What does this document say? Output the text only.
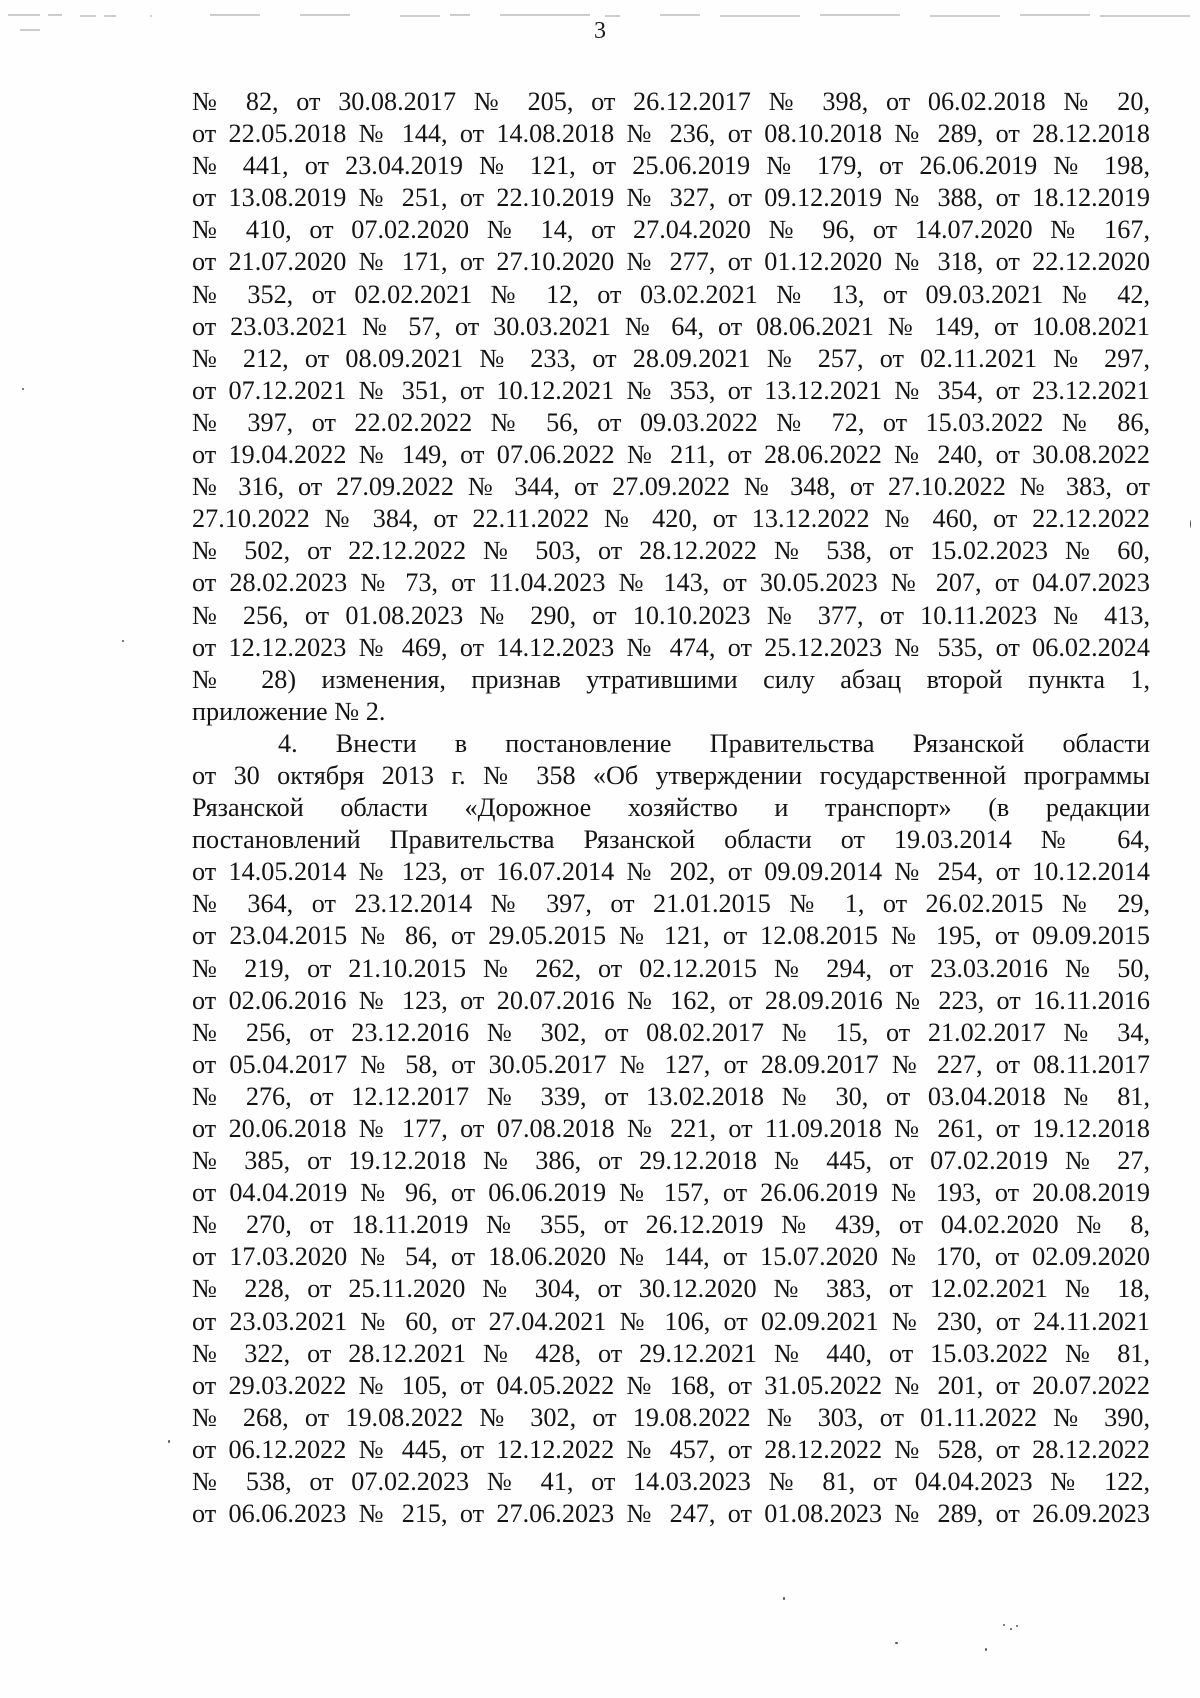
3
№ 82, от 30.08.2017 № 205, от 26.12.2017 № 398, от 06.02.2018 № 20,
от 22.05.2018 № 144, от 14.08.2018 № 236, от 08.10.2018 № 289, от 28.12.2018
№ 441, от 23.04.2019 № 121, от 25.06.2019 № 179, от 26.06.2019 № 198,
от 13.08.2019 № 251, от 22.10.2019 № 327, от 09.12.2019 № 388, от 18.12.2019
№ 410, от 07.02.2020 № 14, от 27.04.2020 № 96, от 14.07.2020 № 167,
от 21.07.2020 № 171, от 27.10.2020 № 277, от 01.12.2020 № 318, от 22.12.2020
№ 352, от 02.02.2021 № 12, от 03.02.2021 № 13, от 09.03.2021 № 42,
от 23.03.2021 № 57, от 30.03.2021 № 64, от 08.06.2021 № 149, от 10.08.2021
№ 212, от 08.09.2021 № 233, от 28.09.2021 № 257, от 02.11.2021 № 297,
от 07.12.2021 № 351, от 10.12.2021 № 353, от 13.12.2021 № 354, от 23.12.2021
№ 397, от 22.02.2022 № 56, от 09.03.2022 № 72, от 15.03.2022 № 86,
от 19.04.2022 № 149, от 07.06.2022 № 211, от 28.06.2022 № 240, от 30.08.2022
№ 316, от 27.09.2022 № 344, от 27.09.2022 № 348, от 27.10.2022 № 383, от
27.10.2022 № 384, от 22.11.2022 № 420, от 13.12.2022 № 460, от 22.12.2022
№ 502, от 22.12.2022 № 503, от 28.12.2022 № 538, от 15.02.2023 № 60,
от 28.02.2023 № 73, от 11.04.2023 № 143, от 30.05.2023 № 207, от 04.07.2023
№ 256, от 01.08.2023 № 290, от 10.10.2023 № 377, от 10.11.2023 № 413,
от 12.12.2023 № 469, от 14.12.2023 № 474, от 25.12.2023 № 535, от 06.02.2024
№ 28) изменения, признав утратившими силу абзац второй пункта 1,
приложение № 2.
4. Внести в постановление Правительства Рязанской области
от 30 октября 2013 г. № 358 «Об утверждении государственной программы
Рязанской области «Дорожное хозяйство и транспорт» (в редакции
постановлений Правительства Рязанской области от 19.03.2014 № 64,
от 14.05.2014 № 123, от 16.07.2014 № 202, от 09.09.2014 № 254, от 10.12.2014
№ 364, от 23.12.2014 № 397, от 21.01.2015 № 1, от 26.02.2015 № 29,
от 23.04.2015 № 86, от 29.05.2015 № 121, от 12.08.2015 № 195, от 09.09.2015
№ 219, от 21.10.2015 № 262, от 02.12.2015 № 294, от 23.03.2016 № 50,
от 02.06.2016 № 123, от 20.07.2016 № 162, от 28.09.2016 № 223, от 16.11.2016
№ 256, от 23.12.2016 № 302, от 08.02.2017 № 15, от 21.02.2017 № 34,
от 05.04.2017 № 58, от 30.05.2017 № 127, от 28.09.2017 № 227, от 08.11.2017
№ 276, от 12.12.2017 № 339, от 13.02.2018 № 30, от 03.04.2018 № 81,
от 20.06.2018 № 177, от 07.08.2018 № 221, от 11.09.2018 № 261, от 19.12.2018
№ 385, от 19.12.2018 № 386, от 29.12.2018 № 445, от 07.02.2019 № 27,
от 04.04.2019 № 96, от 06.06.2019 № 157, от 26.06.2019 № 193, от 20.08.2019
№ 270, от 18.11.2019 № 355, от 26.12.2019 № 439, от 04.02.2020 № 8,
от 17.03.2020 № 54, от 18.06.2020 № 144, от 15.07.2020 № 170, от 02.09.2020
№ 228, от 25.11.2020 № 304, от 30.12.2020 № 383, от 12.02.2021 № 18,
от 23.03.2021 № 60, от 27.04.2021 № 106, от 02.09.2021 № 230, от 24.11.2021
№ 322, от 28.12.2021 № 428, от 29.12.2021 № 440, от 15.03.2022 № 81,
от 29.03.2022 № 105, от 04.05.2022 № 168, от 31.05.2022 № 201, от 20.07.2022
№ 268, от 19.08.2022 № 302, от 19.08.2022 № 303, от 01.11.2022 № 390,
от 06.12.2022 № 445, от 12.12.2022 № 457, от 28.12.2022 № 528, от 28.12.2022
№ 538, от 07.02.2023 № 41, от 14.03.2023 № 81, от 04.04.2023 № 122,
от 06.06.2023 № 215, от 27.06.2023 № 247, от 01.08.2023 № 289, от 26.09.2023
